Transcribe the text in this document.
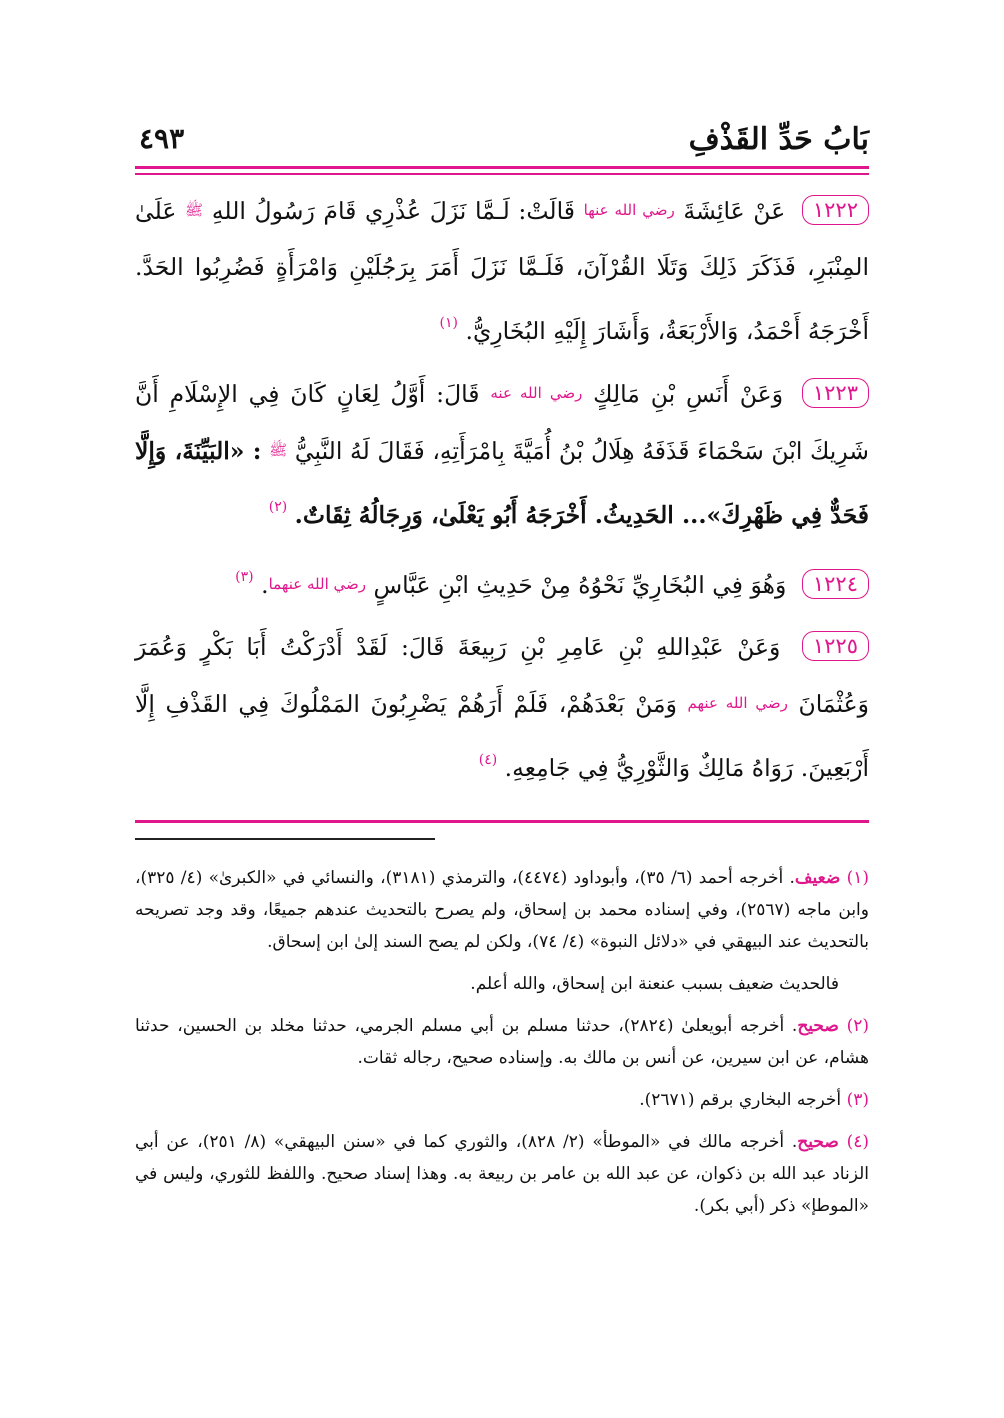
بَابُ حَدِّ القَذْفِ
٤٩٣

١٢٢٢ عَنْ عَائِشَةَ رضي الله عنها قَالَتْ: لَـمَّا نَزَلَ عُذْرِي قَامَ رَسُولُ اللهِ ﷺ عَلَىٰ المِنْبَرِ، فَذَكَرَ ذَلِكَ وَتَلَا القُرْآنَ، فَلَـمَّا نَزَلَ أَمَرَ بِرَجُلَيْنِ وَامْرَأَةٍ فَضُرِبُوا الحَدَّ. أَخْرَجَهُ أَحْمَدُ، وَالأَرْبَعَةُ، وَأَشَارَ إِلَيْهِ البُخَارِيُّ. $^{(١)}$

١٢٢٣ وَعَنْ أَنَسِ بْنِ مَالِكٍ رضي الله عنه قَالَ: أَوَّلُ لِعَانٍ كَانَ فِي الإِسْلَامِ أَنَّ شَرِيكَ ابْنَ سَحْمَاءَ قَذَفَهُ هِلَالُ بْنُ أُمَيَّةَ بِامْرَأَتِهِ، فَقَالَ لَهُ النَّبِيُّ ﷺ : «البَيِّنَةَ، وَإِلَّا فَحَدٌّ فِي ظَهْرِكَ»... الحَدِيثُ. أَخْرَجَهُ أَبُو يَعْلَىٰ، وَرِجَالُهُ ثِقَاتٌ. $^{(٢)}$

١٢٢٤ وَهُوَ فِي البُخَارِيِّ نَحْوُهُ مِنْ حَدِيثِ ابْنِ عَبَّاسٍ رضي الله عنهما. $^{(٣)}$

١٢٢٥ وَعَنْ عَبْدِاللهِ بْنِ عَامِرِ بْنِ رَبِيعَةَ قَالَ: لَقَدْ أَدْرَكْتُ أَبَا بَكْرٍ وَعُمَرَ وَعُثْمَانَ رضي الله عنهم وَمَنْ بَعْدَهُمْ، فَلَمْ أَرَهُمْ يَضْرِبُونَ المَمْلُوكَ فِي القَذْفِ إِلَّا أَرْبَعِينَ. رَوَاهُ مَالِكٌ وَالثَّوْرِيُّ فِي جَامِعِهِ. $^{(٤)}$

(١) ضعيف. أخرجه أحمد (٦/ ٣٥)، وأبوداود (٤٤٧٤)، والترمذي (٣١٨١)، والنسائي في «الكبرىٰ» (٤/ ٣٢٥)، وابن ماجه (٢٥٦٧)، وفي إسناده محمد بن إسحاق، ولم يصرح بالتحديث عندهم جميعًا، وقد وجد تصريحه بالتحديث عند البيهقي في «دلائل النبوة» (٤/ ٧٤)، ولكن لم يصح السند إلىٰ ابن إسحاق.

فالحديث ضعيف بسبب عنعنة ابن إسحاق، والله أعلم.

(٢) صحيح. أخرجه أبويعلىٰ (٢٨٢٤)، حدثنا مسلم بن أبي مسلم الجرمي، حدثنا مخلد بن الحسين، حدثنا هشام، عن ابن سيرين، عن أنس بن مالك به. وإسناده صحيح، رجاله ثقات.

(٣) أخرجه البخاري برقم (٢٦٧١).

(٤) صحيح. أخرجه مالك في «الموطأ» (٢/ ٨٢٨)، والثوري كما في «سنن البيهقي» (٨/ ٢٥١)، عن أبي الزناد عبد الله بن ذكوان، عن عبد الله بن عامر بن ربيعة به. وهذا إسناد صحيح. واللفظ للثوري، وليس في «الموطإ» ذكر (أبي بكر).
